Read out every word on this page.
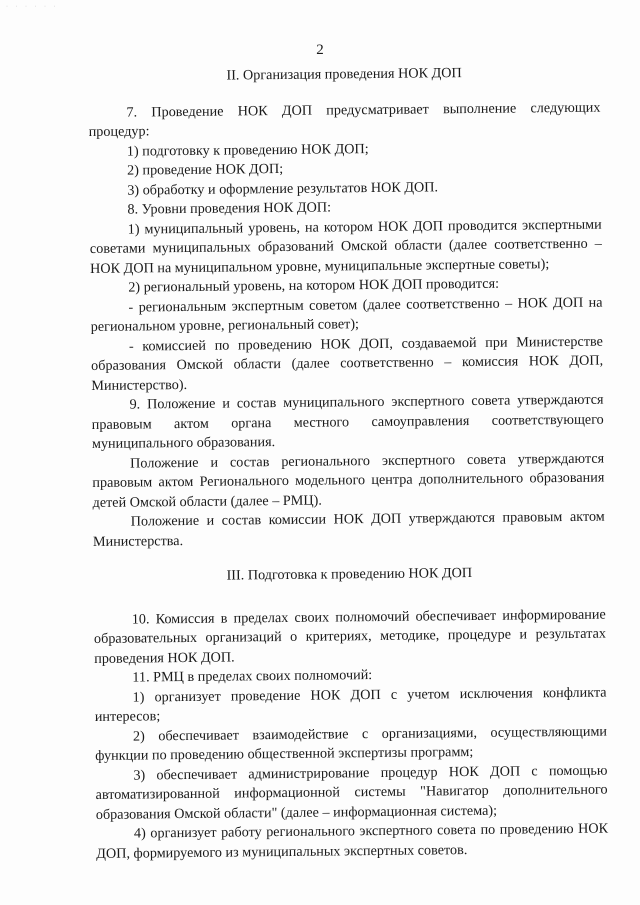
· · · · · ·
2
II. Организация проведения НОК ДОП

7. Проведение НОК ДОП предусматривает выполнение следующих процедур:

1) подготовку к проведению НОК ДОП;

2) проведение НОК ДОП;

3) обработку и оформление результатов НОК ДОП.

8. Уровни проведения НОК ДОП:

1) муниципальный уровень, на котором НОК ДОП проводится экспертными советами муниципальных образований Омской области (далее соответственно – НОК ДОП на муниципальном уровне, муниципальные экспертные советы);

2) региональный уровень, на котором НОК ДОП проводится:

- региональным экспертным советом (далее соответственно – НОК ДОП на региональном уровне, региональный совет);

- комиссией по проведению НОК ДОП, создаваемой при Министерстве образования Омской области (далее соответственно – комиссия НОК ДОП, Министерство).

9. Положение и состав муниципального экспертного совета утверждаются правовым актом органа местного самоуправления соответствующего муниципального образования.

Положение и состав регионального экспертного совета утверждаются правовым актом Регионального модельного центра дополнительного образования детей Омской области (далее – РМЦ).

Положение и состав комиссии НОК ДОП утверждаются правовым актом Министерства.

III. Подготовка к проведению НОК ДОП

10. Комиссия в пределах своих полномочий обеспечивает информирование образовательных организаций о критериях, методике, процедуре и результатах проведения НОК ДОП.

11. РМЦ в пределах своих полномочий:

1) организует проведение НОК ДОП с учетом исключения конфликта интересов;

2) обеспечивает взаимодействие с организациями, осуществляющими функции по проведению общественной экспертизы программ;

3) обеспечивает администрирование процедур НОК ДОП с помощью автоматизированной информационной системы "Навигатор дополнительного образования Омской области" (далее – информационная система);

4) организует работу регионального экспертного совета по проведению НОК ДОП, формируемого из муниципальных экспертных советов.
